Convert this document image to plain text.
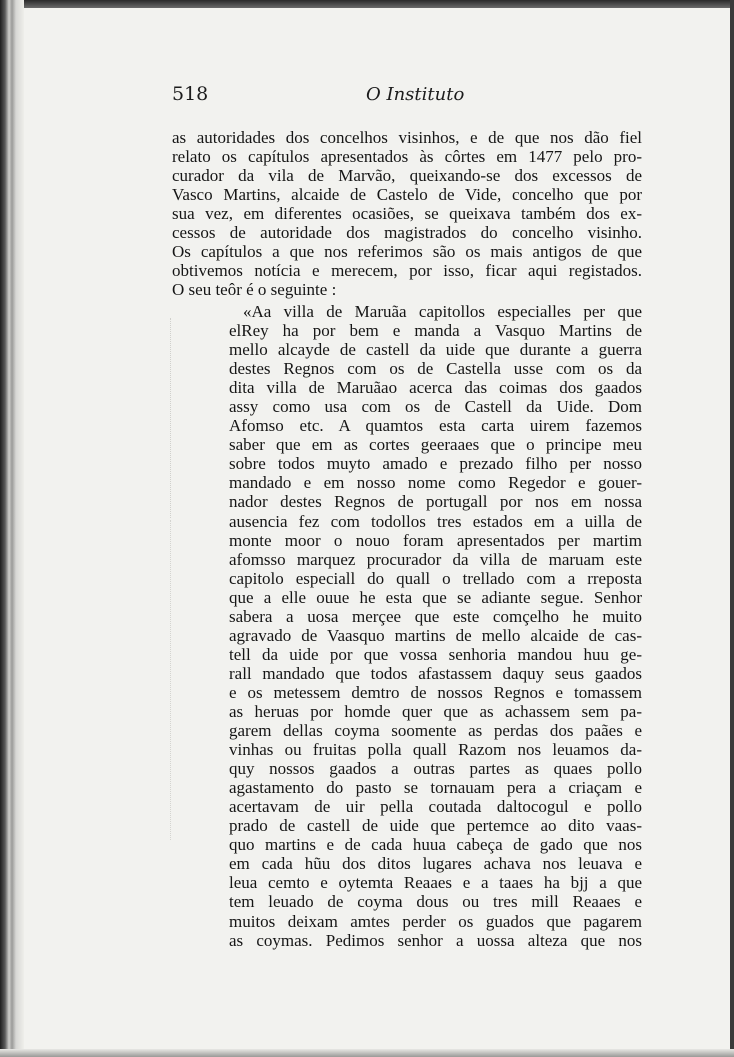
518	O Instituto
as autoridades dos concelhos visinhos, e de que nos dão fiel
relato os capítulos apresentados às côrtes em 1477 pelo pro-
curador da vila de Marvão, queixando-se dos excessos de
Vasco Martins, alcaide de Castelo de Vide, concelho que por
sua vez, em diferentes ocasiões, se queixava também dos ex-
cessos de autoridade dos magistrados do concelho visinho.
Os capítulos a que nos referimos são os mais antigos de que
obtivemos notícia e merecem, por isso, ficar aqui registados.
O seu teôr é o seguinte :
«Aa villa de Maruãa capitollos especialles per que
elRey ha por bem e manda a Vasquo Martins de
mello alcayde de castell da uide que durante a guerra
destes Regnos com os de Castella usse com os da
dita villa de Maruãao acerca das coimas dos gaados
assy como usa com os de Castell da Uide. Dom
Afomso etc. A quamtos esta carta uirem fazemos
saber que em as cortes geeraaes que o principe meu
sobre todos muyto amado e prezado filho per nosso
mandado e em nosso nome como Regedor e gouer-
nador destes Regnos de portugall por nos em nossa
ausencia fez com todollos tres estados em a uilla de
monte moor o nouo foram apresentados per martim
afomsso marquez procurador da villa de maruam este
capitolo especiall do quall o trellado com a rreposta
que a elle ouue he esta que se adiante segue. Senhor
sabera a uosa merçee que este comçelho he muito
agravado de Vaasquo martins de mello alcaide de cas-
tell da uide por que vossa senhoria mandou huu ge-
rall mandado que todos afastassem daquy seus gaados
e os metessem demtro de nossos Regnos e tomassem
as heruas por homde quer que as achassem sem pa-
garem dellas coyma soomente as perdas dos paães e
vinhas ou fruitas polla quall Razom nos leuamos da-
quy nossos gaados a outras partes as quaes pollo
agastamento do pasto se tornauam pera a criaçam e
acertavam de uir pella coutada daltocogul e pollo
prado de castell de uide que pertemce ao dito vaas-
quo martins e de cada huua cabeça de gado que nos
em cada hũu dos ditos lugares achava nos leuava e
leua cemto e oytemta Reaaes e a taaes ha bjj a que
tem leuado de coyma dous ou tres mill Reaaes e
muitos deixam amtes perder os guados que pagarem
as coymas. Pedimos senhor a uossa alteza que nos
